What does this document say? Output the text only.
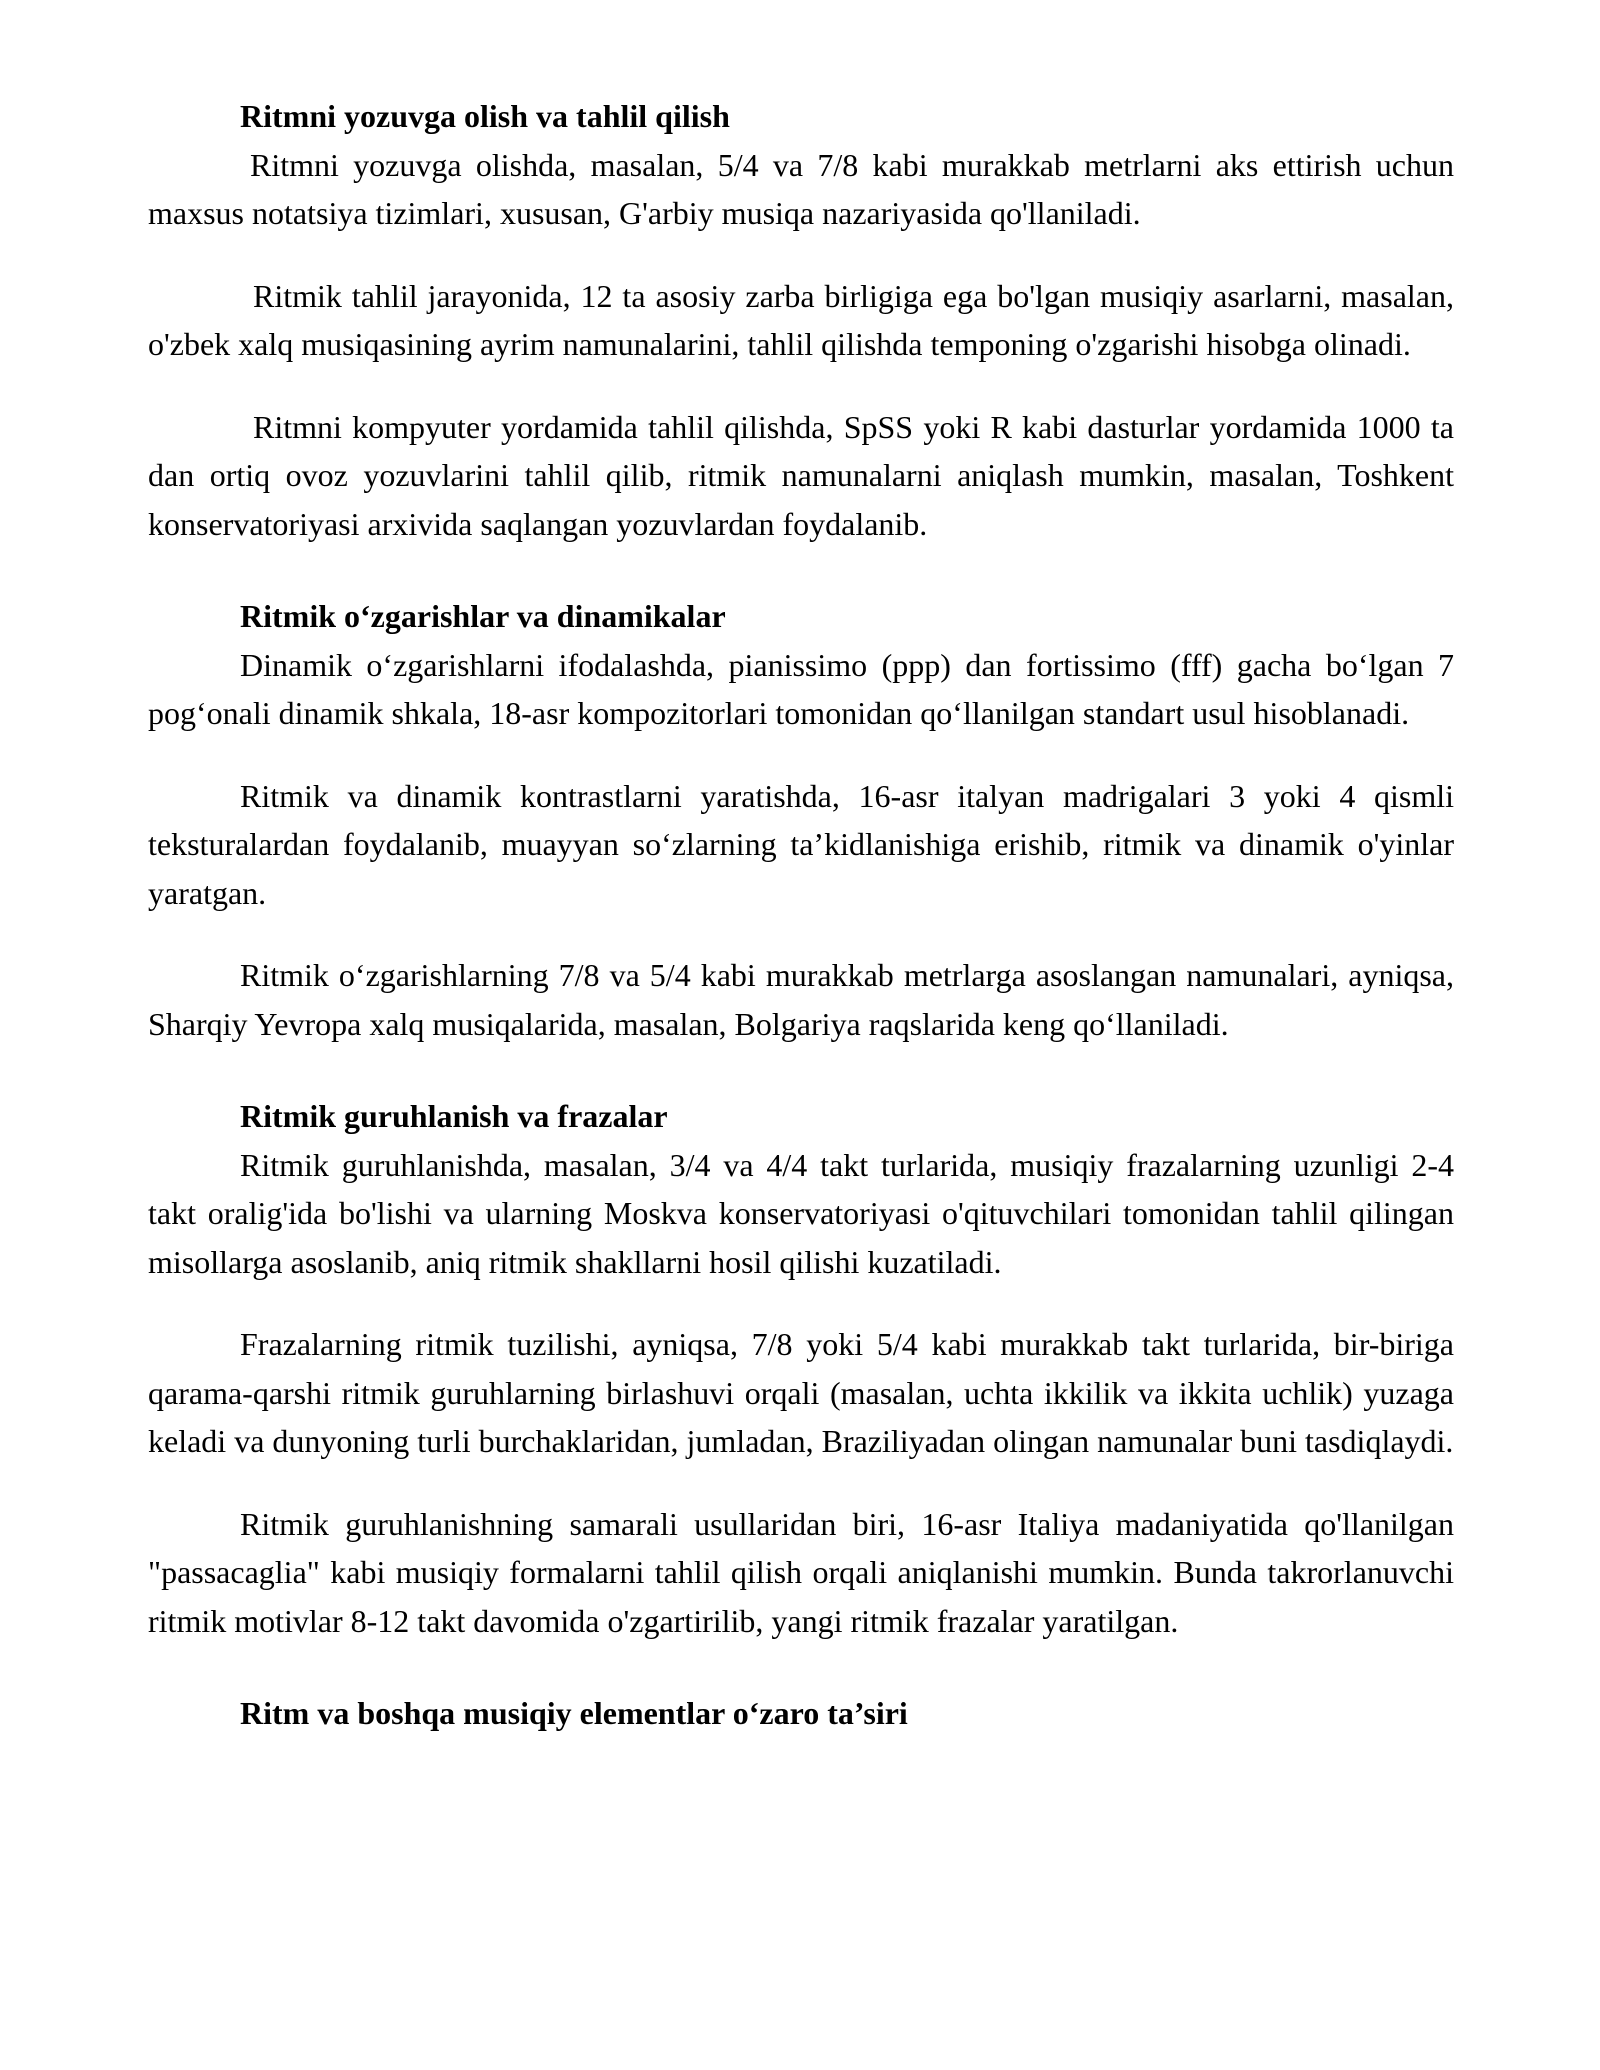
Ritmni yozuvga olish va tahlil qilish

Ritmni yozuvga olishda, masalan, 5/4 va 7/8 kabi murakkab metrlarni aks ettirish uchun maxsus notatsiya tizimlari, xususan, G'arbiy musiqa nazariyasida qo'llaniladi.

Ritmik tahlil jarayonida, 12 ta asosiy zarba birligiga ega bo'lgan musiqiy asarlarni, masalan, o'zbek xalq musiqasining ayrim namunalarini, tahlil qilishda temponing o'zgarishi hisobga olinadi.

Ritmni kompyuter yordamida tahlil qilishda, SpSS yoki R kabi dasturlar yordamida 1000 ta dan ortiq ovoz yozuvlarini tahlil qilib, ritmik namunalarni aniqlash mumkin, masalan, Toshkent konservatoriyasi arxivida saqlangan yozuvlardan foydalanib.

Ritmik o‘zgarishlar va dinamikalar

Dinamik o‘zgarishlarni ifodalashda, pianissimo (ppp) dan fortissimo (fff) gacha bo‘lgan 7 pog‘onali dinamik shkala, 18-asr kompozitorlari tomonidan qo‘llanilgan standart usul hisoblanadi.

Ritmik va dinamik kontrastlarni yaratishda, 16-asr italyan madrigalari 3 yoki 4 qismli teksturalardan foydalanib, muayyan so‘zlarning ta’kidlanishiga erishib, ritmik va dinamik o'yinlar yaratgan.

Ritmik o‘zgarishlarning 7/8 va 5/4 kabi murakkab metrlarga asoslangan namunalari, ayniqsa, Sharqiy Yevropa xalq musiqalarida, masalan, Bolgariya raqslarida keng qo‘llaniladi.

Ritmik guruhlanish va frazalar

Ritmik guruhlanishda, masalan, 3/4 va 4/4 takt turlarida, musiqiy frazalarning uzunligi 2-4 takt oralig'ida bo'lishi va ularning Moskva konservatoriyasi o'qituvchilari tomonidan tahlil qilingan misollarga asoslanib, aniq ritmik shakllarni hosil qilishi kuzatiladi.

Frazalarning ritmik tuzilishi, ayniqsa, 7/8 yoki 5/4 kabi murakkab takt turlarida, bir-biriga qarama-qarshi ritmik guruhlarning birlashuvi orqali (masalan, uchta ikkilik va ikkita uchlik) yuzaga keladi va dunyoning turli burchaklaridan, jumladan, Braziliyadan olingan namunalar buni tasdiqlaydi.

Ritmik guruhlanishning samarali usullaridan biri, 16-asr Italiya madaniyatida qo'llanilgan "passacaglia" kabi musiqiy formalarni tahlil qilish orqali aniqlanishi mumkin. Bunda takrorlanuvchi ritmik motivlar 8-12 takt davomida o'zgartirilib, yangi ritmik frazalar yaratilgan.

Ritm va boshqa musiqiy elementlar o‘zaro ta’siri
